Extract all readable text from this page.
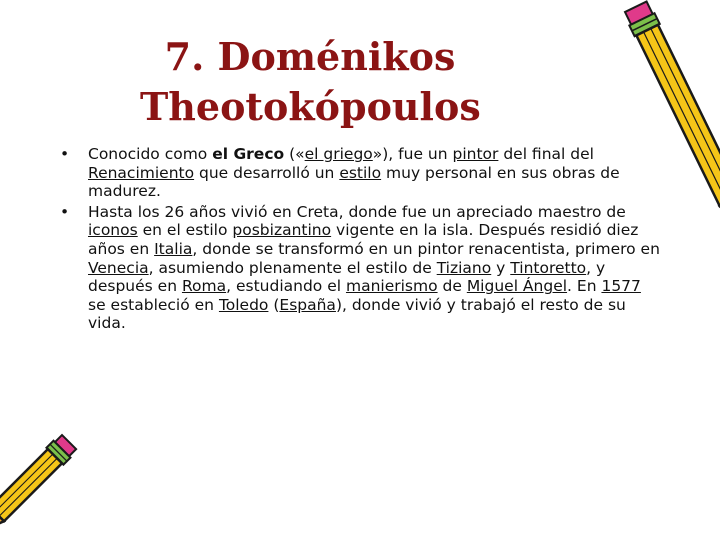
7. Doménikos
Theotokópoulos
•	Conocido como el Greco («el griego»), fue un pintor del final del Renacimiento que desarrolló un estilo muy personal en sus obras de madurez.
•	Hasta los 26 años vivió en Creta, donde fue un apreciado maestro de iconos en el estilo posbizantino vigente en la isla. Después residió diez años en Italia, donde se transformó en un pintor renacentista, primero en Venecia, asumiendo plenamente el estilo de Tiziano y Tintoretto, y después en Roma, estudiando el manierismo de Miguel Ángel. En 1577 se estableció en Toledo (España), donde vivió y trabajó el resto de su vida.
